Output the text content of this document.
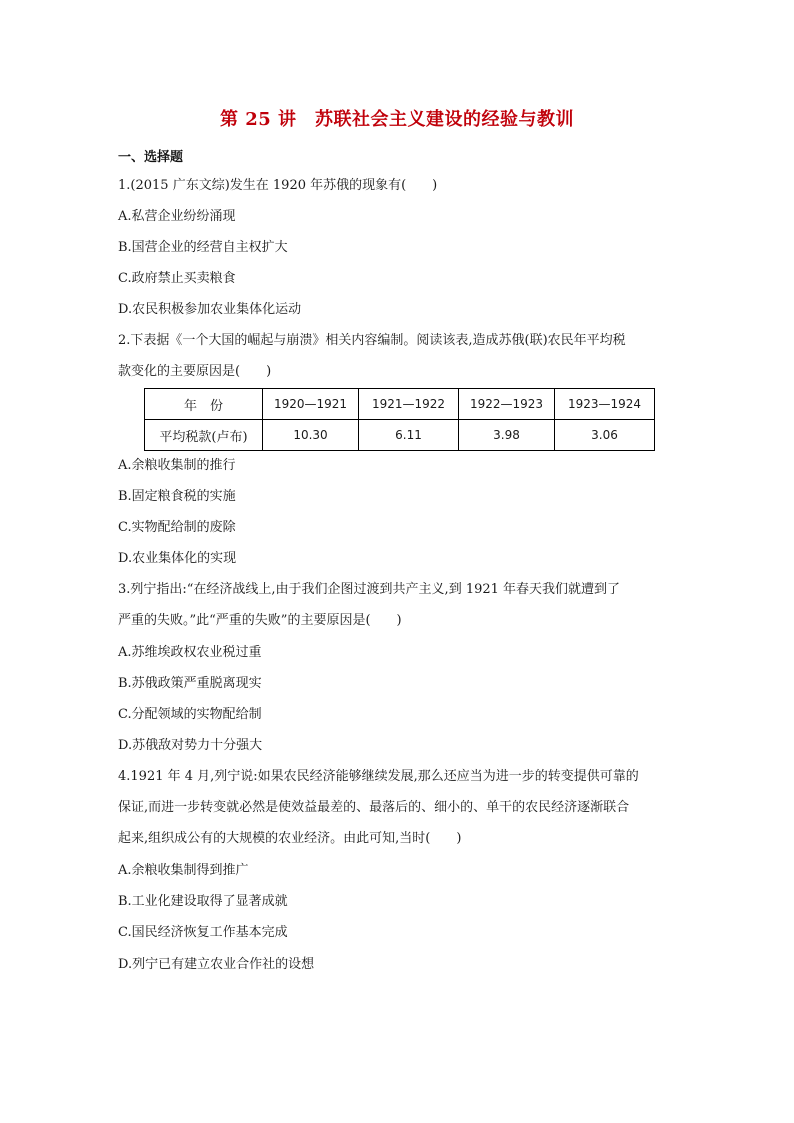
第 25 讲　苏联社会主义建设的经验与教训
一、选择题
1.(2015 广东文综)发生在 1920 年苏俄的现象有(　　)
A.私营企业纷纷涌现
B.国营企业的经营自主权扩大
C.政府禁止买卖粮食
D.农民积极参加农业集体化运动
2.下表据《一个大国的崛起与崩溃》相关内容编制。阅读该表,造成苏俄(联)农民年平均税
款变化的主要原因是(　　)
年　份	1920—1921	1921—1922	1922—1923	1923—1924
平均税款(卢布)	10.30	6.11	3.98	3.06
A.余粮收集制的推行
B.固定粮食税的实施
C.实物配给制的废除
D.农业集体化的实现
3.列宁指出:“在经济战线上,由于我们企图过渡到共产主义,到 1921 年春天我们就遭到了
严重的失败。”此“严重的失败”的主要原因是(　　)
A.苏维埃政权农业税过重
B.苏俄政策严重脱离现实
C.分配领域的实物配给制
D.苏俄敌对势力十分强大
4.1921 年 4 月,列宁说:如果农民经济能够继续发展,那么还应当为进一步的转变提供可靠的
保证,而进一步转变就必然是使效益最差的、最落后的、细小的、单干的农民经济逐渐联合
起来,组织成公有的大规模的农业经济。由此可知,当时(　　)
A.余粮收集制得到推广
B.工业化建设取得了显著成就
C.国民经济恢复工作基本完成
D.列宁已有建立农业合作社的设想
